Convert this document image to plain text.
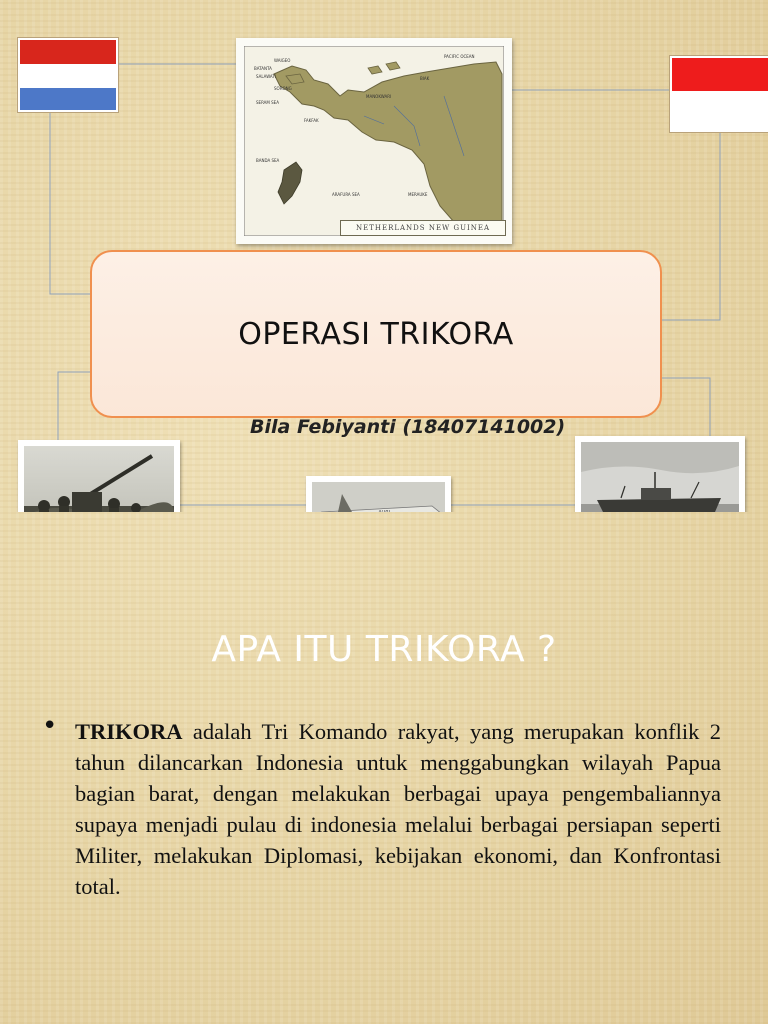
WAIGEO
PACIFIC OCEAN
BATANTA
SALAWATI
SORONG
MANOKWARI
SERAM SEA
BIAK
FAKFAK
BANDA SEA
MERAUKE
ARAFURA SEA
NETHERLANDS NEW GUINEA
OPERASI TRIKORA
Bila Febiyanti (18407141002)
AURI
APA ITU TRIKORA ?
• TRIKORA adalah Tri Komando rakyat, yang merupakan konflik 2 tahun dilancarkan Indonesia untuk menggabungkan wilayah Papua bagian barat, dengan melakukan berbagai upaya pengembaliannya supaya menjadi pulau di indonesia melalui berbagai persiapan seperti Militer, melakukan Diplomasi, kebijakan ekonomi, dan Konfrontasi total.
